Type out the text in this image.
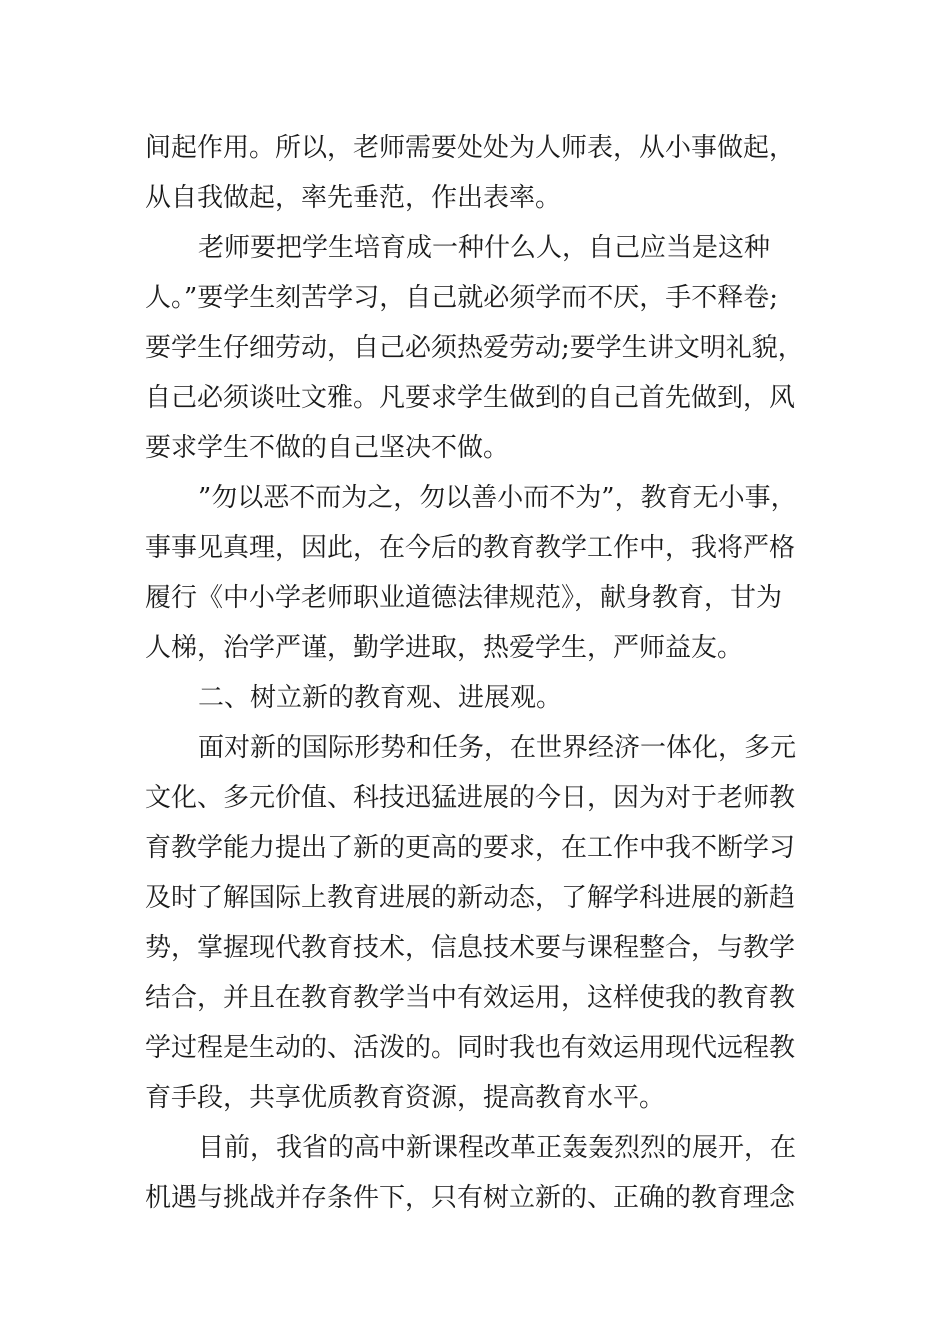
间起作用。所以，老师需要处处为人师表，从小事做起，
从自我做起，率先垂范，作出表率。
老师要把学生培育成一种什么人，自己应当是这种
人。”要学生刻苦学习，自己就必须学而不厌，手不释卷;
要学生仔细劳动，自己必须热爱劳动;要学生讲文明礼貌，
自己必须谈吐文雅。凡要求学生做到的自己首先做到，风
要求学生不做的自己坚决不做。
”勿以恶不而为之，勿以善小而不为”，教育无小事，
事事见真理，因此，在今后的教育教学工作中，我将严格
履行《中小学老师职业道德法律规范》，献身教育，甘为
人梯，治学严谨，勤学进取，热爱学生，严师益友。
二、树立新的教育观、进展观。
面对新的国际形势和任务，在世界经济一体化，多元
文化、多元价值、科技迅猛进展的今日，因为对于老师教
育教学能力提出了新的更高的要求，在工作中我不断学习
及时了解国际上教育进展的新动态，了解学科进展的新趋
势，掌握现代教育技术，信息技术要与课程整合，与教学
结合，并且在教育教学当中有效运用，这样使我的教育教
学过程是生动的、活泼的。同时我也有效运用现代远程教
育手段，共享优质教育资源，提高教育水平。
目前，我省的高中新课程改革正轰轰烈烈的展开，在
机遇与挑战并存条件下，只有树立新的、正确的教育理念
